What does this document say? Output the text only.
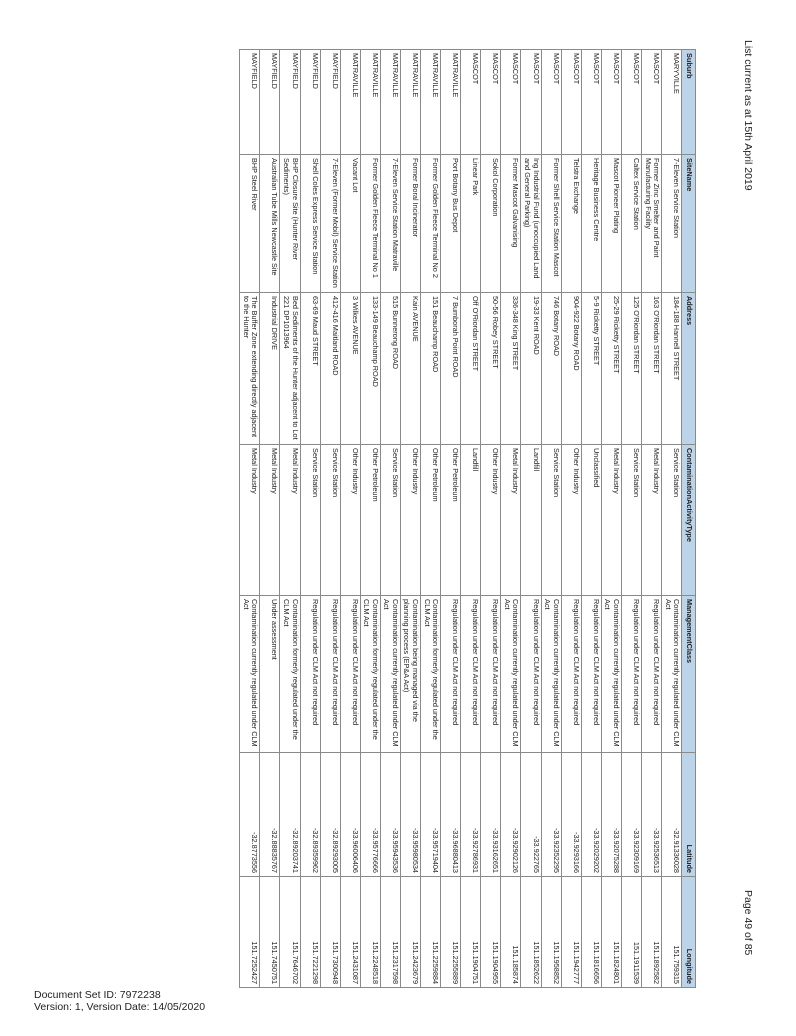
List current as at 15th April 2019
Page 49 of 85
Suburb	SiteName	Address	ContaminationActivityType	ManagementClass	Latitude	Longitude
MARYVILLE	7-Eleven Service Station	184-188 Hannell STREET	Service Station	Contamination currently regulated under CLM Act	-32.91336028	151.759315
MASCOT	Former Zinc Smelter and Paint Manufacturing Facility	163 O'Riordan STREET	Metal Industry	Regulation under CLM Act not required	-33.92536513	151.1892582
MASCOT	Caltex Service Station	125 O'Riordan STREET	Service Station	Regulation under CLM Act not required	-33.92309169	151.1911539
MASCOT	Mascot Pioneer Plating	25-29 Ricketty STREET	Metal Industry	Contamination currently regulated under CLM Act	-33.92075288	151.1824801
MASCOT	Heritage Business Centre	5-9 Ricketty STREET	Unclassified	Regulation under CLM Act not required	-33.92029202	151.1816656
MASCOT	Telstra Exchange	904-922 Botany ROAD	Other Industry	Regulation under CLM Act not required	-33.9293166	151.1942777
MASCOT	Former Shell Service Station Mascot	746 Botany ROAD	Service Station	Contamination currently regulated under CLM Act	-33.92352295	151.1958852
MASCOT	Ing Industrial Fund (unoccupied Land and General Parking)	19-33 Kent ROAD	Landfill	Regulation under CLM Act not required	-33.922765	151.1852622
MASCOT	Former Mascot Galvanising	336-348 King STREET	Metal Industry	Contamination currently regulated under CLM Act	-33.92902126	151.185874
MASCOT	Sokol Corporation	50-56 Robey STREET	Other Industry	Regulation under CLM Act not required	-33.93162651	151.1904955
MASCOT	Linear Park	Off O'Riordan STREET	Landfill	Regulation under CLM Act not required	-33.92786931	151.1904751
MATRAVILLE	Port Botany Bus Depot	7 Bumborah Point ROAD	Other Petroleum	Regulation under CLM Act not required	-33.96880413	151.2255889
MATRAVILLE	Former Golden Fleece Terminal No 2	151 Beauchamp ROAD	Other Petroleum	Contamination formerly regulated under the CLM Act	-33.95719404	151.2259884
MATRAVILLE	Former Boral Incinerator	Kain AVENUE	Other Industry	Contamination being managed via the planning process (EP&A Act)	-33.95980534	151.2423679
MATRAVILLE	7-Eleven Service Station Matraville	515 Bunnerong ROAD	Service Station	Contamination currently regulated under CLM Act	-33.95943536	151.2317598
MATRAVILLE	Former Golden Fleece Terminal No 1	133-149 Beauchamp ROAD	Other Petroleum	Contamination formerly regulated under the CLM Act	-33.95776666	151.2248518
MATRAVILLE	Vacant Lot	3 Wilkes AVENUE	Other Industry	Regulation under CLM Act not required	-33.96006406	151.2431087
MAYFIELD	7-Eleven (Former Mobil) Service Station	412-416 Maitland ROAD	Service Station	Regulation under CLM Act not required	-32.89293005	151.7300948
MAYFIELD	Shell Coles Express Service Station	63-69 Maud STREET	Service Station	Regulation under CLM Act not required	-32.89359962	151.7221298
MAYFIELD	BHP Closure Site (Hunter River Sediments)	Bed Sediments of the Hunter adjacent to Lot 221 DP1013964	Metal Industry	Contamination formerly regulated under the CLM Act	-32.89203741	151.7646702
MAYFIELD	Australian Tube Mills Newcastle Site	Industrial DRIVE	Metal Industry	Under assessment	-32.88835767	151.7450751
MAYFIELD	BHP Steel River	The Buffer Zone extending directly adjacent to the Hunter	Metal Industry	Contamination currently regulated under CLM Act	-32.8773556	151.7252427
Document Set ID: 7972238
Version: 1, Version Date: 14/05/2020
